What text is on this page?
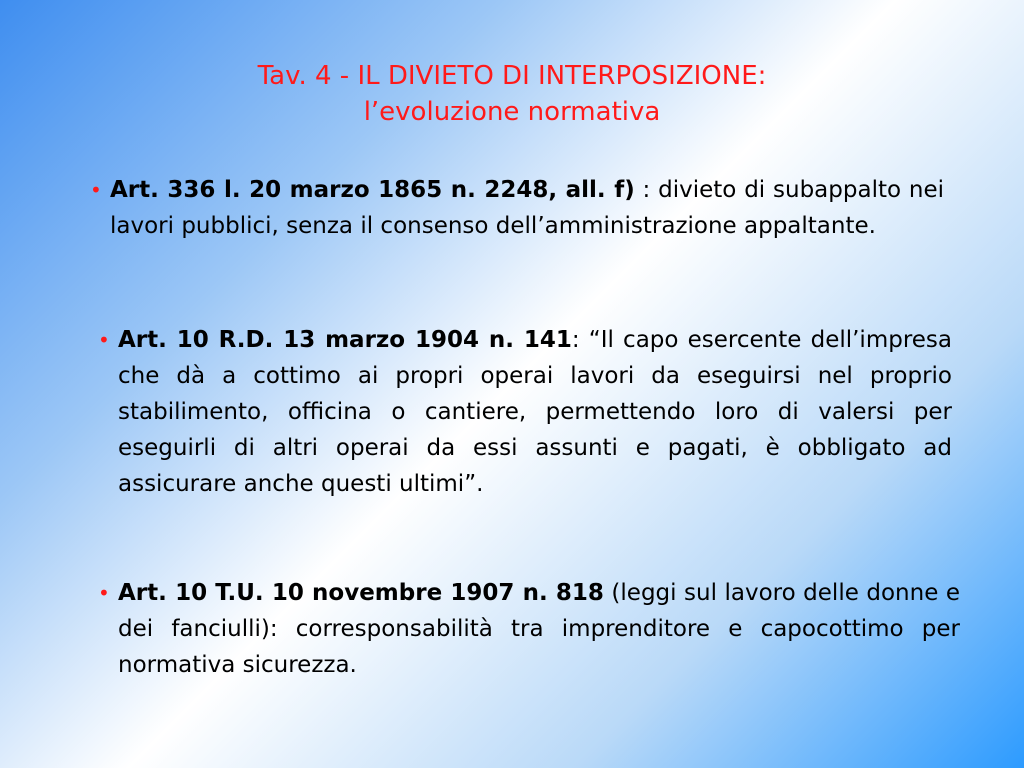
Tav. 4 - IL DIVIETO DI INTERPOSIZIONE:
l’evoluzione normativa
• Art. 336 l. 20 marzo 1865 n. 2248, all. f) : divieto di subappalto nei lavori pubblici, senza il consenso dell’amministrazione appaltante.
• Art. 10 R.D. 13 marzo 1904 n. 141: “Il capo esercente dell’impresa che dà a cottimo ai propri operai lavori da eseguirsi nel proprio stabilimento, officina o cantiere, permettendo loro di valersi per eseguirli di altri operai da essi assunti e pagati, è obbligato ad assicurare anche questi ultimi”.
• Art. 10 T.U. 10 novembre 1907 n. 818 (leggi sul lavoro delle donne e dei fanciulli): corresponsabilità tra imprenditore e capocottimo per normativa sicurezza.
